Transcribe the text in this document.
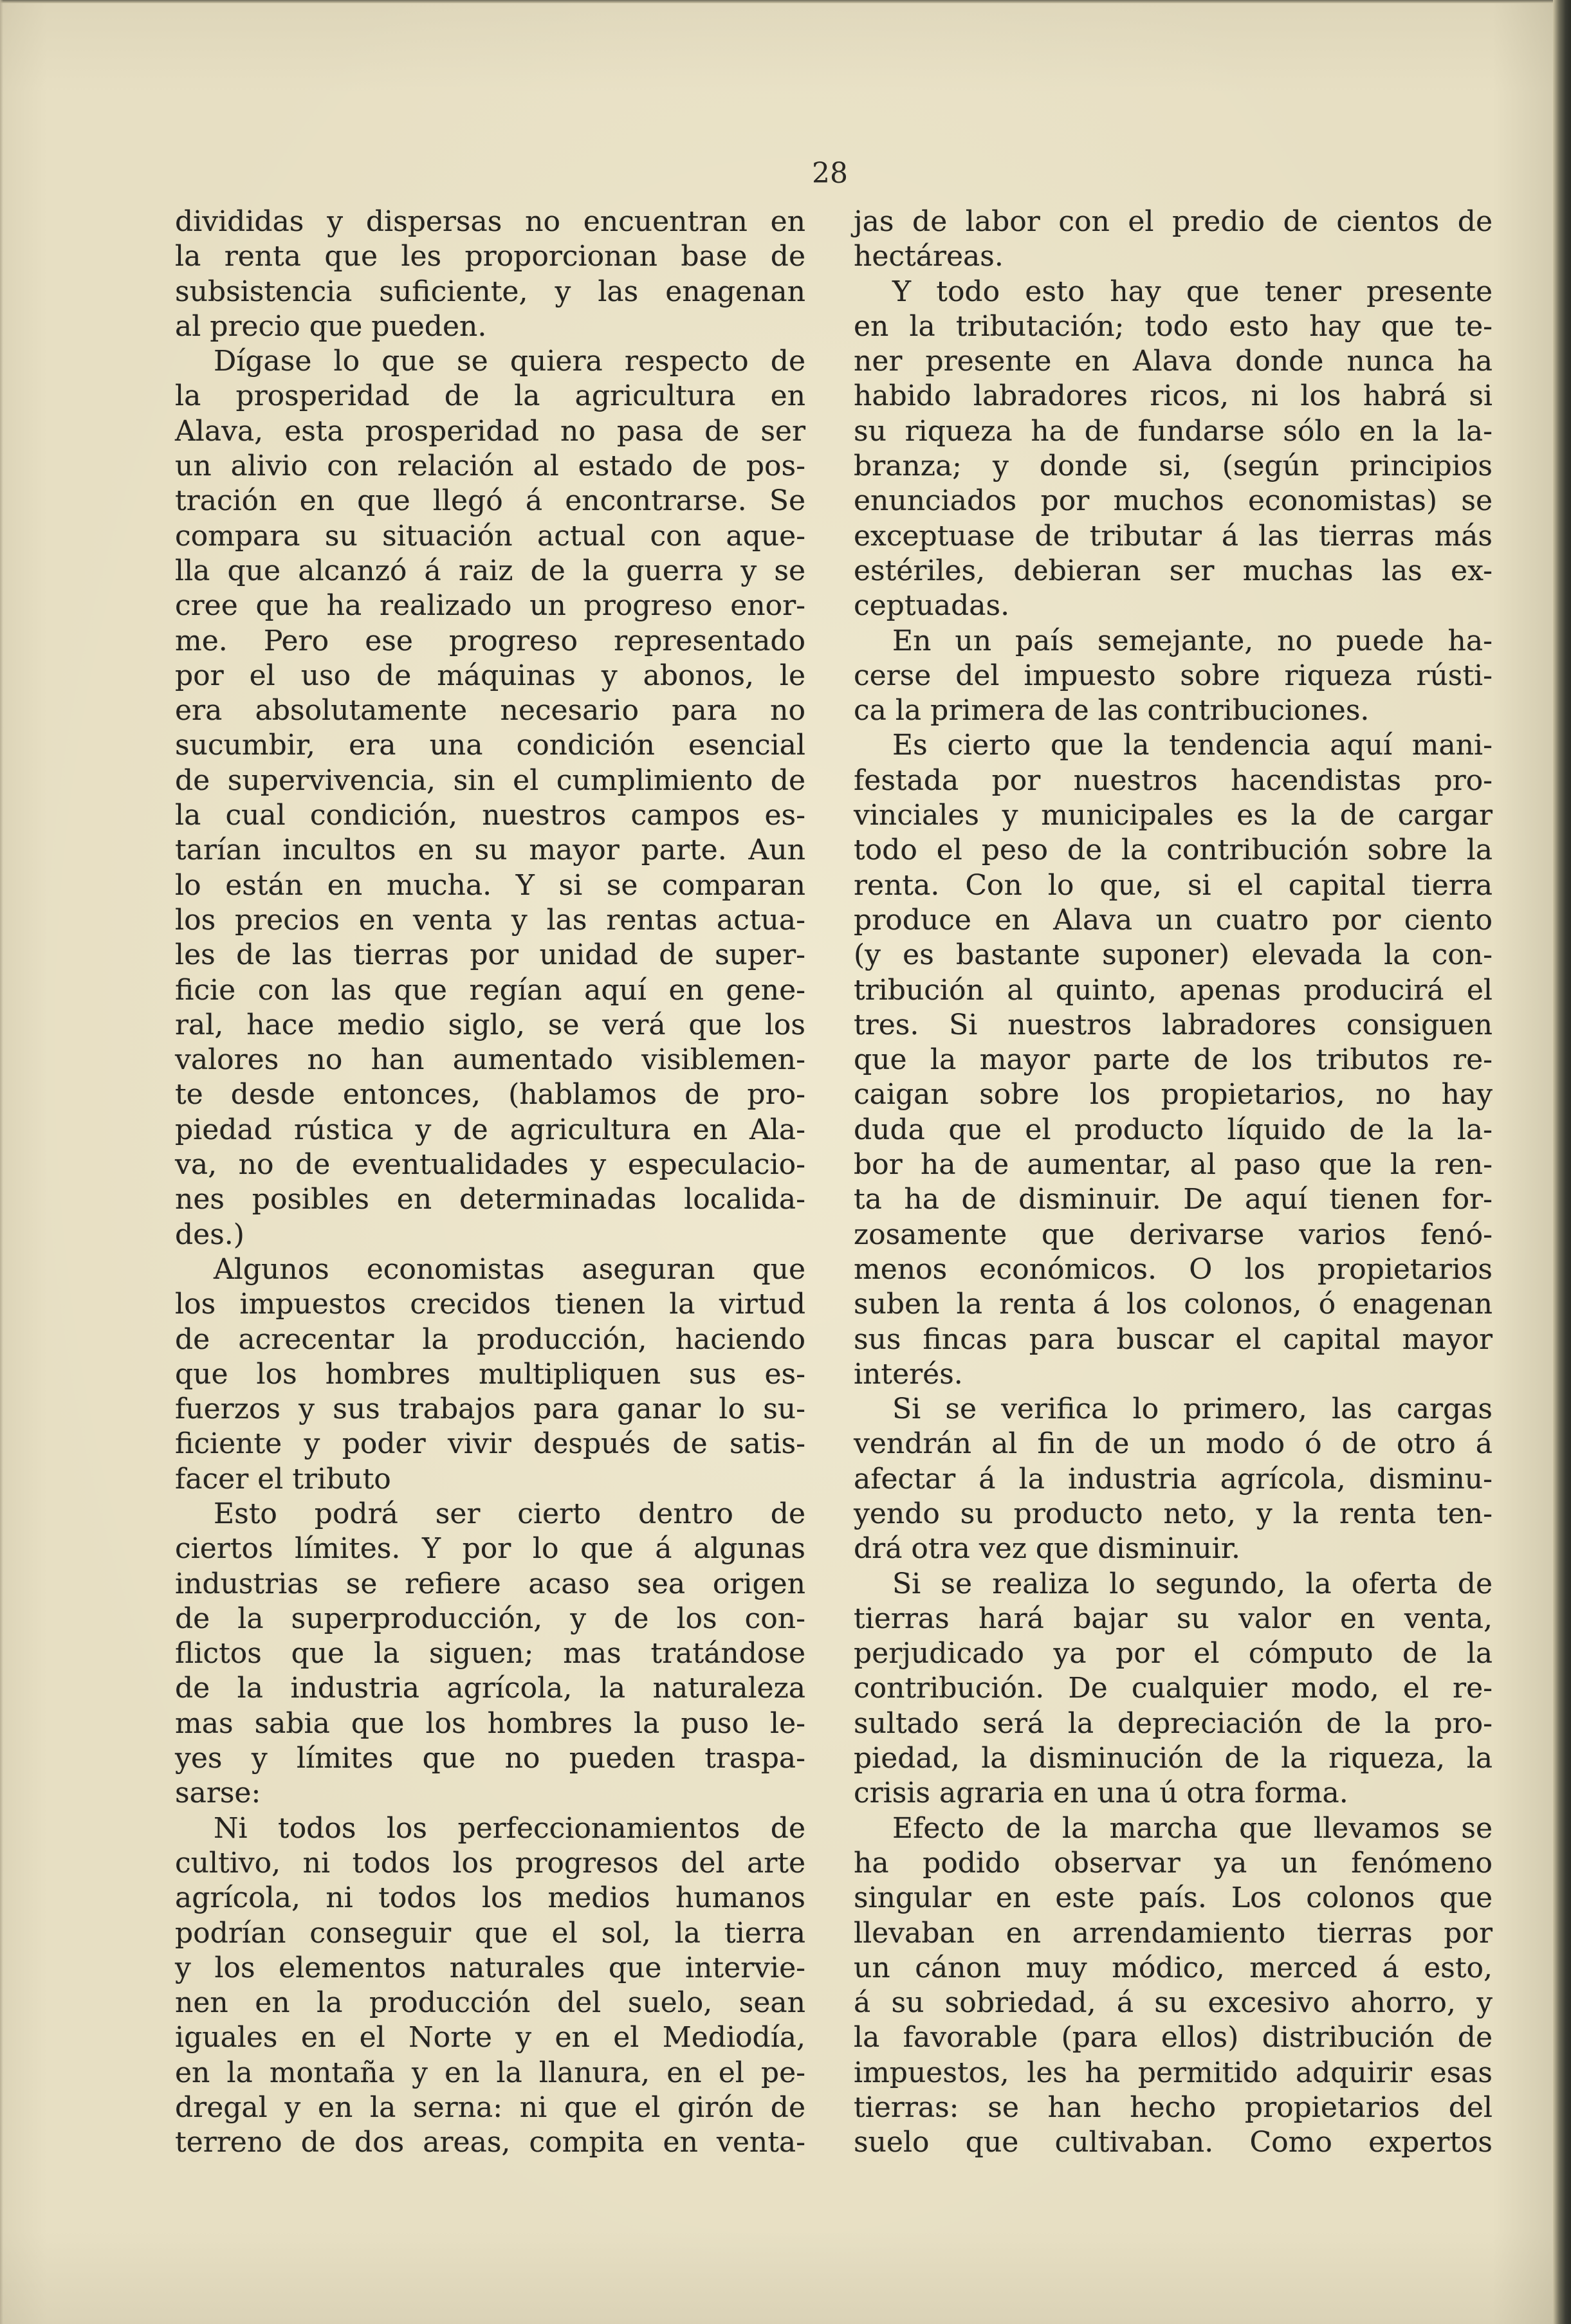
28
divididas y dispersas no encuentran en
la renta que les proporcionan base de
subsistencia suficiente, y las enagenan
al precio que pueden.
Dígase lo que se quiera respecto de
la prosperidad de la agricultura en
Alava, esta prosperidad no pasa de ser
un alivio con relación al estado de pos-
tración en que llegó á encontrarse. Se
compara su situación actual con aque-
lla que alcanzó á raiz de la guerra y se
cree que ha realizado un progreso enor-
me. Pero ese progreso representado
por el uso de máquinas y abonos, le
era absolutamente necesario para no
sucumbir, era una condición esencial
de supervivencia, sin el cumplimiento de
la cual condición, nuestros campos es-
tarían incultos en su mayor parte. Aun
lo están en mucha. Y si se comparan
los precios en venta y las rentas actua-
les de las tierras por unidad de super-
ficie con las que regían aquí en gene-
ral, hace medio siglo, se verá que los
valores no han aumentado visiblemen-
te desde entonces, (hablamos de pro-
piedad rústica y de agricultura en Ala-
va, no de eventualidades y especulacio-
nes posibles en determinadas localida-
des.)
Algunos economistas aseguran que
los impuestos crecidos tienen la virtud
de acrecentar la producción, haciendo
que los hombres multipliquen sus es-
fuerzos y sus trabajos para ganar lo su-
ficiente y poder vivir después de satis-
facer el tributo
Esto podrá ser cierto dentro de
ciertos límites. Y por lo que á algunas
industrias se refiere acaso sea origen
de la superproducción, y de los con-
flictos que la siguen; mas tratándose
de la industria agrícola, la naturaleza
mas sabia que los hombres la puso le-
yes y límites que no pueden traspa-
sarse:
Ni todos los perfeccionamientos de
cultivo, ni todos los progresos del arte
agrícola, ni todos los medios humanos
podrían conseguir que el sol, la tierra
y los elementos naturales que intervie-
nen en la producción del suelo, sean
iguales en el Norte y en el Mediodía,
en la montaña y en la llanura, en el pe-
dregal y en la serna: ni que el girón de
terreno de dos areas, compita en venta-
jas de labor con el predio de cientos de
hectáreas.
Y todo esto hay que tener presente
en la tributación; todo esto hay que te-
ner presente en Alava donde nunca ha
habido labradores ricos, ni los habrá si
su riqueza ha de fundarse sólo en la la-
branza; y donde si, (según principios
enunciados por muchos economistas) se
exceptuase de tributar á las tierras más
estériles, debieran ser muchas las ex-
ceptuadas.
En un país semejante, no puede ha-
cerse del impuesto sobre riqueza rústi-
ca la primera de las contribuciones.
Es cierto que la tendencia aquí mani-
festada por nuestros hacendistas pro-
vinciales y municipales es la de cargar
todo el peso de la contribución sobre la
renta. Con lo que, si el capital tierra
produce en Alava un cuatro por ciento
(y es bastante suponer) elevada la con-
tribución al quinto, apenas producirá el
tres. Si nuestros labradores consiguen
que la mayor parte de los tributos re-
caigan sobre los propietarios, no hay
duda que el producto líquido de la la-
bor ha de aumentar, al paso que la ren-
ta ha de disminuir. De aquí tienen for-
zosamente que derivarse varios fenó-
menos económicos. O los propietarios
suben la renta á los colonos, ó enagenan
sus fincas para buscar el capital mayor
interés.
Si se verifica lo primero, las cargas
vendrán al fin de un modo ó de otro á
afectar á la industria agrícola, disminu-
yendo su producto neto, y la renta ten-
drá otra vez que disminuir.
Si se realiza lo segundo, la oferta de
tierras hará bajar su valor en venta,
perjudicado ya por el cómputo de la
contribución. De cualquier modo, el re-
sultado será la depreciación de la pro-
piedad, la disminución de la riqueza, la
crisis agraria en una ú otra forma.
Efecto de la marcha que llevamos se
ha podido observar ya un fenómeno
singular en este país. Los colonos que
llevaban en arrendamiento tierras por
un cánon muy módico, merced á esto,
á su sobriedad, á su excesivo ahorro, y
la favorable (para ellos) distribución de
impuestos, les ha permitido adquirir esas
tierras: se han hecho propietarios del
suelo que cultivaban. Como expertos
